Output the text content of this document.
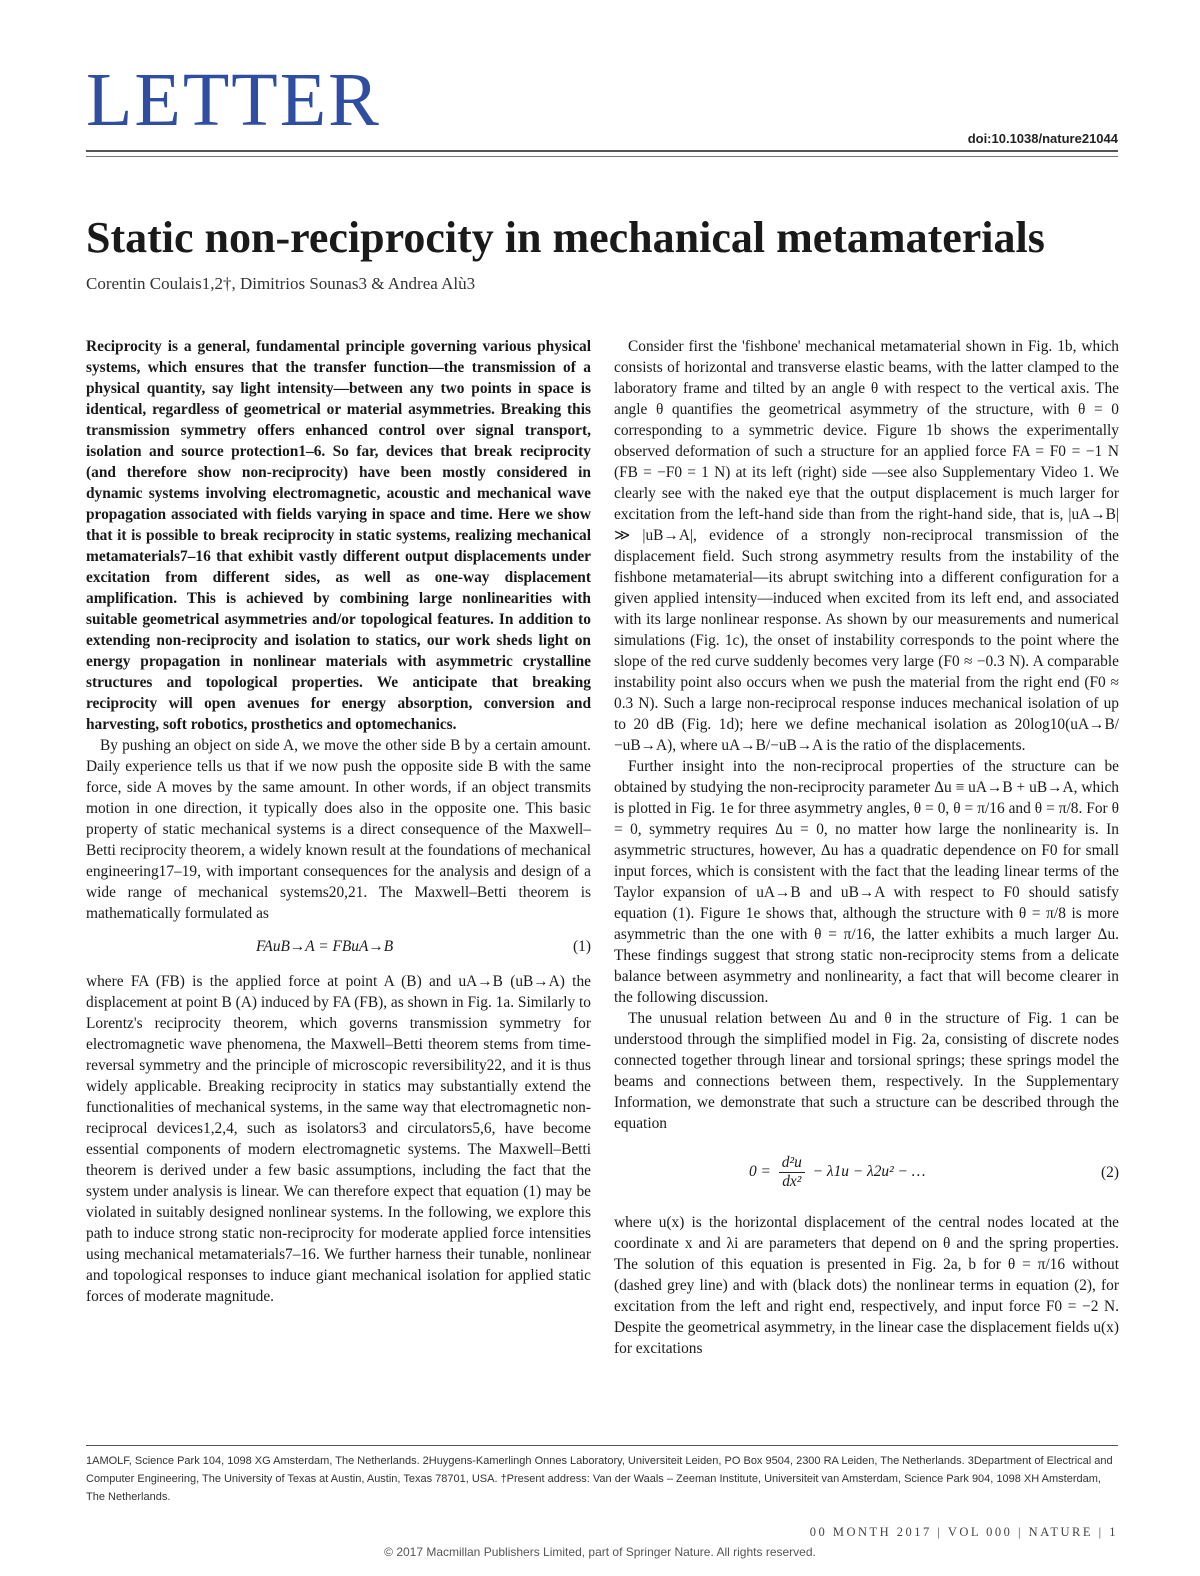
LETTER	doi:10.1038/nature21044
Static non-reciprocity in mechanical metamaterials
Corentin Coulais1,2†, Dimitrios Sounas3 & Andrea Alù3

Reciprocity is a general, fundamental principle governing various physical systems, which ensures that the transfer function—the transmission of a physical quantity, say light intensity—between any two points in space is identical, regardless of geometrical or material asymmetries. Breaking this transmission symmetry offers enhanced control over signal transport, isolation and source protection1–6. So far, devices that break reciprocity (and therefore show non-reciprocity) have been mostly considered in dynamic systems involving electromagnetic, acoustic and mechanical wave propagation associated with fields varying in space and time. Here we show that it is possible to break reciprocity in static systems, realizing mechanical metamaterials7–16 that exhibit vastly different output displacements under excitation from different sides, as well as one-way displacement amplification. This is achieved by combining large nonlinearities with suitable geometrical asymmetries and/or topological features. In addition to extending non-reciprocity and isolation to statics, our work sheds light on energy propagation in nonlinear materials with asymmetric crystalline structures and topological properties. We anticipate that breaking reciprocity will open avenues for energy absorption, conversion and harvesting, soft robotics, prosthetics and optomechanics.

By pushing an object on side A, we move the other side B by a certain amount. Daily experience tells us that if we now push the opposite side B with the same force, side A moves by the same amount. In other words, if an object transmits motion in one direction, it typically does also in the opposite one. This basic property of static mechanical systems is a direct consequence of the Maxwell–Betti reciprocity theorem, a widely known result at the foundations of mechanical engineering17–19, with important consequences for the analysis and design of a wide range of mechanical systems20,21. The Maxwell–Betti theorem is mathematically formulated as

FAuB→A = FBuA→B	(1)

where FA (FB) is the applied force at point A (B) and uA→B (uB→A) the displacement at point B (A) induced by FA (FB), as shown in Fig. 1a. Similarly to Lorentz's reciprocity theorem, which governs transmission symmetry for electromagnetic wave phenomena, the Maxwell–Betti theorem stems from time-reversal symmetry and the principle of microscopic reversibility22, and it is thus widely applicable. Breaking reciprocity in statics may substantially extend the functionalities of mechanical systems, in the same way that electromagnetic non-reciprocal devices1,2,4, such as isolators3 and circulators5,6, have become essential components of modern electromagnetic systems. The Maxwell–Betti theorem is derived under a few basic assumptions, including the fact that the system under analysis is linear. We can therefore expect that equation (1) may be violated in suitably designed nonlinear systems. In the following, we explore this path to induce strong static non-reciprocity for moderate applied force intensities using mechanical metamaterials7–16. We further harness their tunable, nonlinear and topological responses to induce giant mechanical isolation for applied static forces of moderate magnitude.

Consider first the 'fishbone' mechanical metamaterial shown in Fig. 1b, which consists of horizontal and transverse elastic beams, with the latter clamped to the laboratory frame and tilted by an angle θ with respect to the vertical axis. The angle θ quantifies the geometrical asymmetry of the structure, with θ = 0 corresponding to a symmetric device. Figure 1b shows the experimentally observed deformation of such a structure for an applied force FA = F0 = −1 N (FB = −F0 = 1 N) at its left (right) side —see also Supplementary Video 1. We clearly see with the naked eye that the output displacement is much larger for excitation from the left-hand side than from the right-hand side, that is, |uA→B| ≫ |uB→A|, evidence of a strongly non-reciprocal transmission of the displacement field. Such strong asymmetry results from the instability of the fishbone metamaterial—its abrupt switching into a different configuration for a given applied intensity—induced when excited from its left end, and associated with its large nonlinear response. As shown by our measurements and numerical simulations (Fig. 1c), the onset of instability corresponds to the point where the slope of the red curve suddenly becomes very large (F0 ≈ −0.3 N). A comparable instability point also occurs when we push the material from the right end (F0 ≈ 0.3 N). Such a large non-reciprocal response induces mechanical isolation of up to 20 dB (Fig. 1d); here we define mechanical isolation as 20log10(uA→B/−uB→A), where uA→B/−uB→A is the ratio of the displacements.

Further insight into the non-reciprocal properties of the structure can be obtained by studying the non-reciprocity parameter Δu ≡ uA→B + uB→A, which is plotted in Fig. 1e for three asymmetry angles, θ = 0, θ = π/16 and θ = π/8. For θ = 0, symmetry requires Δu = 0, no matter how large the nonlinearity is. In asymmetric structures, however, Δu has a quadratic dependence on F0 for small input forces, which is consistent with the fact that the leading linear terms of the Taylor expansion of uA→B and uB→A with respect to F0 should satisfy equation (1). Figure 1e shows that, although the structure with θ = π/8 is more asymmetric than the one with θ = π/16, the latter exhibits a much larger Δu. These findings suggest that strong static non-reciprocity stems from a delicate balance between asymmetry and nonlinearity, a fact that will become clearer in the following discussion.

The unusual relation between Δu and θ in the structure of Fig. 1 can be understood through the simplified model in Fig. 2a, consisting of discrete nodes connected together through linear and torsional springs; these springs model the beams and connections between them, respectively. In the Supplementary Information, we demonstrate that such a structure can be described through the equation

$0 = \frac{\text{d²u}}{\text{dx²}} - \lambda 1u - \lambda 2u^2$ − …	(2)

where u(x) is the horizontal displacement of the central nodes located at the coordinate x and λi are parameters that depend on θ and the spring properties. The solution of this equation is presented in Fig. 2a, b for θ = π/16 without (dashed grey line) and with (black dots) the nonlinear terms in equation (2), for excitation from the left and right end, respectively, and input force F0 = −2 N. Despite the geometrical asymmetry, in the linear case the displacement fields u(x) for excitations

1AMOLF, Science Park 104, 1098 XG Amsterdam, The Netherlands. 2Huygens-Kamerlingh Onnes Laboratory, Universiteit Leiden, PO Box 9504, 2300 RA Leiden, The Netherlands. 3Department of Electrical and Computer Engineering, The University of Texas at Austin, Austin, Texas 78701, USA. †Present address: Van der Waals – Zeeman Institute, Universiteit van Amsterdam, Science Park 904, 1098 XH Amsterdam, The Netherlands.
00 MONTH 2017 | VOL 000 | NATURE | 1
© 2017 Macmillan Publishers Limited, part of Springer Nature. All rights reserved.
